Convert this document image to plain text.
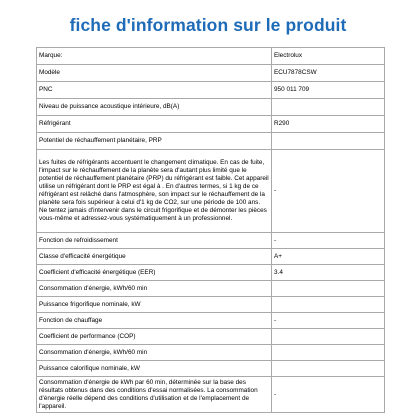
fiche d'information sur le produit
Marque:	Electrolux
Modèle	ECU7878CSW
PNC	950 011 709
Niveau de puissance acoustique intérieure, dB(A)	
Réfrigérant	R290
Potentiel de réchauffement planétaire, PRP	
Les fuites de réfrigérants accentuent le changement climatique. En cas de fuite, l'impact sur le réchauffement de la planète sera d'autant plus limité que le potentiel de réchauffement planétaire (PRP) du réfrigérant est faible. Cet appareil utilise un réfrigérant dont le PRP est égal à . En d'autres termes, si 1 kg de ce réfrigérant est relâché dans l'atmosphère, son impact sur le réchauffement de la planète sera fois supérieur à celui d'1 kg de CO2, sur une période de 100 ans. Ne tentez jamais d'intervenir dans le circuit frigorifique et de démonter les pièces vous-même et adressez-vous systématiquement à un professionnel.	-
Fonction de refroidissement	-
Classe d'efficacité énergétique	A+
Coefficient d'efficacité énergétique (EER)	3.4
Consommation d'énergie, kWh/60 min	
Puissance frigorifique nominale, kW	
Fonction de chauffage	-
Coefficient de performance (COP)	
Consommation d'énergie, kWh/60 min	
Puissance calorifique nominale, kW	
Consommation d'énergie de kWh par 60 min, déterminée sur la base des résultats obtenus dans des conditions d'essai normalisées. La consommation d'énergie réelle dépend des conditions d'utilisation et de l'emplacement de l'appareil.	-
